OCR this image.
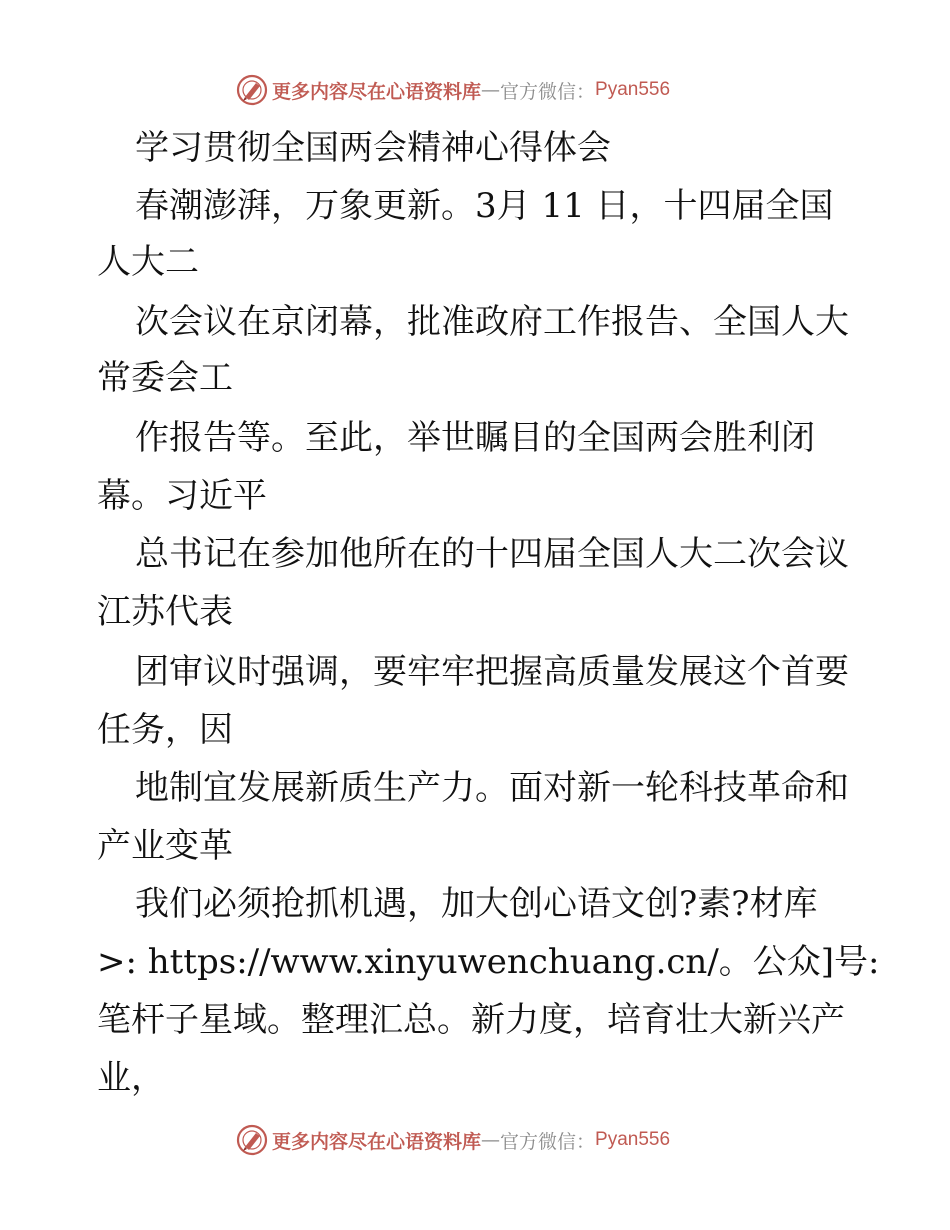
更多内容尽在心语资料库 — 官方微信： Pyan556

学习贯彻全国两会精神心得体会

春潮澎湃，万象更新。3月 11 日，十四届全国

人大二

次会议在京闭幕，批准政府工作报告、全国人大

常委会工

作报告等。至此，举世瞩目的全国两会胜利闭

幕。习近平

总书记在参加他所在的十四届全国人大二次会议

江苏代表

团审议时强调，要牢牢把握高质量发展这个首要

任务，因

地制宜发展新质生产力。面对新一轮科技革命和

产业变革

我们必须抢抓机遇，加大创心语文创?素?材库

>: https://www.xinyuwenchuang.cn/。公众]号:

笔杆子星域。整理汇总。新力度，培育壮大新兴产

业，

更多内容尽在心语资料库 — 官方微信： Pyan556
